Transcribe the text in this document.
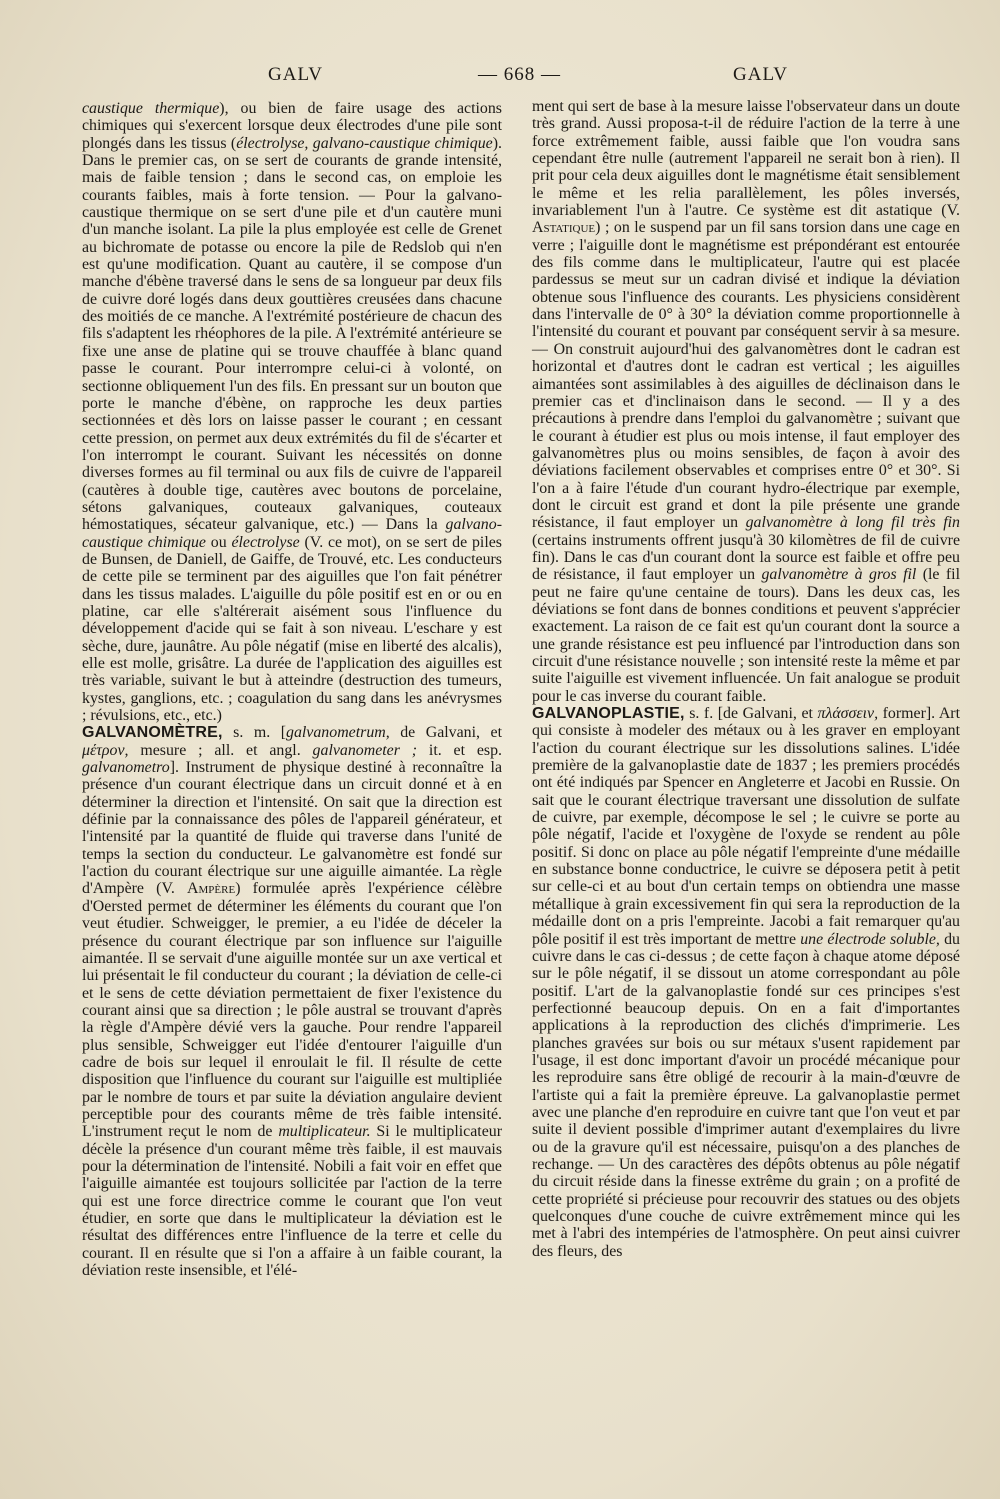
GALV	— 668 —	GALV

caustique thermique), ou bien de faire usage des actions chimiques qui s'exercent lorsque deux électrodes d'une pile sont plongés dans les tissus (électrolyse, galvano-caustique chimique). Dans le premier cas, on se sert de courants de grande intensité, mais de faible tension ; dans le second cas, on emploie les courants faibles, mais à forte tension. — Pour la galvano-caustique thermique on se sert d'une pile et d'un cautère muni d'un manche isolant. La pile la plus employée est celle de Grenet au bichromate de potasse ou encore la pile de Redslob qui n'en est qu'une modification. Quant au cautère, il se compose d'un manche d'ébène traversé dans le sens de sa longueur par deux fils de cuivre doré logés dans deux gouttières creusées dans chacune des moitiés de ce manche. A l'extrémité postérieure de chacun des fils s'adaptent les rhéophores de la pile. A l'extrémité antérieure se fixe une anse de platine qui se trouve chauffée à blanc quand passe le courant. Pour interrompre celui-ci à volonté, on sectionne obliquement l'un des fils. En pressant sur un bouton que porte le manche d'ébène, on rapproche les deux parties sectionnées et dès lors on laisse passer le courant ; en cessant cette pression, on permet aux deux extrémités du fil de s'écarter et l'on interrompt le courant. Suivant les nécessités on donne diverses formes au fil terminal ou aux fils de cuivre de l'appareil (cautères à double tige, cautères avec boutons de porcelaine, sétons galvaniques, couteaux galvaniques, couteaux hémostatiques, sécateur galvanique, etc.) — Dans la galvano-caustique chimique ou électrolyse (V. ce mot), on se sert de piles de Bunsen, de Daniell, de Gaiffe, de Trouvé, etc. Les conducteurs de cette pile se terminent par des aiguilles que l'on fait pénétrer dans les tissus malades. L'aiguille du pôle positif est en or ou en platine, car elle s'altérerait aisément sous l'influence du développement d'acide qui se fait à son niveau. L'eschare y est sèche, dure, jaunâtre. Au pôle négatif (mise en liberté des alcalis), elle est molle, grisâtre. La durée de l'application des aiguilles est très variable, suivant le but à atteindre (destruction des tumeurs, kystes, ganglions, etc. ; coagulation du sang dans les anévrysmes ; révulsions, etc., etc.)

GALVANOMÈTRE, s. m. [galvanometrum, de Galvani, et μέτρον, mesure ; all. et angl. galvanometer ; it. et esp. galvanometro]. Instrument de physique destiné à reconnaître la présence d'un courant électrique dans un circuit donné et à en déterminer la direction et l'intensité. On sait que la direction est définie par la connaissance des pôles de l'appareil générateur, et l'intensité par la quantité de fluide qui traverse dans l'unité de temps la section du conducteur. Le galvanomètre est fondé sur l'action du courant électrique sur une aiguille aimantée. La règle d'Ampère (V. Ampère) formulée après l'expérience célèbre d'Oersted permet de déterminer les éléments du courant que l'on veut étudier. Schweigger, le premier, a eu l'idée de déceler la présence du courant électrique par son influence sur l'aiguille aimantée. Il se servait d'une aiguille montée sur un axe vertical et lui présentait le fil conducteur du courant ; la déviation de celle-ci et le sens de cette déviation permettaient de fixer l'existence du courant ainsi que sa direction ; le pôle austral se trouvant d'après la règle d'Ampère dévié vers la gauche. Pour rendre l'appareil plus sensible, Schweigger eut l'idée d'entourer l'aiguille d'un cadre de bois sur lequel il enroulait le fil. Il résulte de cette disposition que l'influence du courant sur l'aiguille est multipliée par le nombre de tours et par suite la déviation angulaire devient perceptible pour des courants même de très faible intensité. L'instrument reçut le nom de multiplicateur. Si le multiplicateur décèle la présence d'un courant même très faible, il est mauvais pour la détermination de l'intensité. Nobili a fait voir en effet que l'aiguille aimantée est toujours sollicitée par l'action de la terre qui est une force directrice comme le courant que l'on veut étudier, en sorte que dans le multiplicateur la déviation est le résultat des différences entre l'influence de la terre et celle du courant. Il en résulte que si l'on a affaire à un faible courant, la déviation reste insensible, et l'élé-

ment qui sert de base à la mesure laisse l'observateur dans un doute très grand. Aussi proposa-t-il de réduire l'action de la terre à une force extrêmement faible, aussi faible que l'on voudra sans cependant être nulle (autrement l'appareil ne serait bon à rien). Il prit pour cela deux aiguilles dont le magnétisme était sensiblement le même et les relia parallèlement, les pôles inversés, invariablement l'un à l'autre. Ce système est dit astatique (V. Astatique) ; on le suspend par un fil sans torsion dans une cage en verre ; l'aiguille dont le magnétisme est prépondérant est entourée des fils comme dans le multiplicateur, l'autre qui est placée pardessus se meut sur un cadran divisé et indique la déviation obtenue sous l'influence des courants. Les physiciens considèrent dans l'intervalle de 0° à 30° la déviation comme proportionnelle à l'intensité du courant et pouvant par conséquent servir à sa mesure. — On construit aujourd'hui des galvanomètres dont le cadran est horizontal et d'autres dont le cadran est vertical ; les aiguilles aimantées sont assimilables à des aiguilles de déclinaison dans le premier cas et d'inclinaison dans le second. — Il y a des précautions à prendre dans l'emploi du galvanomètre ; suivant que le courant à étudier est plus ou mois intense, il faut employer des galvanomètres plus ou moins sensibles, de façon à avoir des déviations facilement observables et comprises entre 0° et 30°. Si l'on a à faire l'étude d'un courant hydro-électrique par exemple, dont le circuit est grand et dont la pile présente une grande résistance, il faut employer un galvanomètre à long fil très fin (certains instruments offrent jusqu'à 30 kilomètres de fil de cuivre fin). Dans le cas d'un courant dont la source est faible et offre peu de résistance, il faut employer un galvanomètre à gros fil (le fil peut ne faire qu'une centaine de tours). Dans les deux cas, les déviations se font dans de bonnes conditions et peuvent s'apprécier exactement. La raison de ce fait est qu'un courant dont la source a une grande résistance est peu influencé par l'introduction dans son circuit d'une résistance nouvelle ; son intensité reste la même et par suite l'aiguille est vivement influencée. Un fait analogue se produit pour le cas inverse du courant faible.

GALVANOPLASTIE, s. f. [de Galvani, et πλάσσειν, former]. Art qui consiste à modeler des métaux ou à les graver en employant l'action du courant électrique sur les dissolutions salines. L'idée première de la galvanoplastie date de 1837 ; les premiers procédés ont été indiqués par Spencer en Angleterre et Jacobi en Russie. On sait que le courant électrique traversant une dissolution de sulfate de cuivre, par exemple, décompose le sel ; le cuivre se porte au pôle négatif, l'acide et l'oxygène de l'oxyde se rendent au pôle positif. Si donc on place au pôle négatif l'empreinte d'une médaille en substance bonne conductrice, le cuivre se déposera petit à petit sur celle-ci et au bout d'un certain temps on obtiendra une masse métallique à grain excessivement fin qui sera la reproduction de la médaille dont on a pris l'empreinte. Jacobi a fait remarquer qu'au pôle positif il est très important de mettre une électrode soluble, du cuivre dans le cas ci-dessus ; de cette façon à chaque atome déposé sur le pôle négatif, il se dissout un atome correspondant au pôle positif. L'art de la galvanoplastie fondé sur ces principes s'est perfectionné beaucoup depuis. On en a fait d'importantes applications à la reproduction des clichés d'imprimerie. Les planches gravées sur bois ou sur métaux s'usent rapidement par l'usage, il est donc important d'avoir un procédé mécanique pour les reproduire sans être obligé de recourir à la main-d'œuvre de l'artiste qui a fait la première épreuve. La galvanoplastie permet avec une planche d'en reproduire en cuivre tant que l'on veut et par suite il devient possible d'imprimer autant d'exemplaires du livre ou de la gravure qu'il est nécessaire, puisqu'on a des planches de rechange. — Un des caractères des dépôts obtenus au pôle négatif du circuit réside dans la finesse extrême du grain ; on a profité de cette propriété si précieuse pour recouvrir des statues ou des objets quelconques d'une couche de cuivre extrêmement mince qui les met à l'abri des intempéries de l'atmosphère. On peut ainsi cuivrer des fleurs, des
